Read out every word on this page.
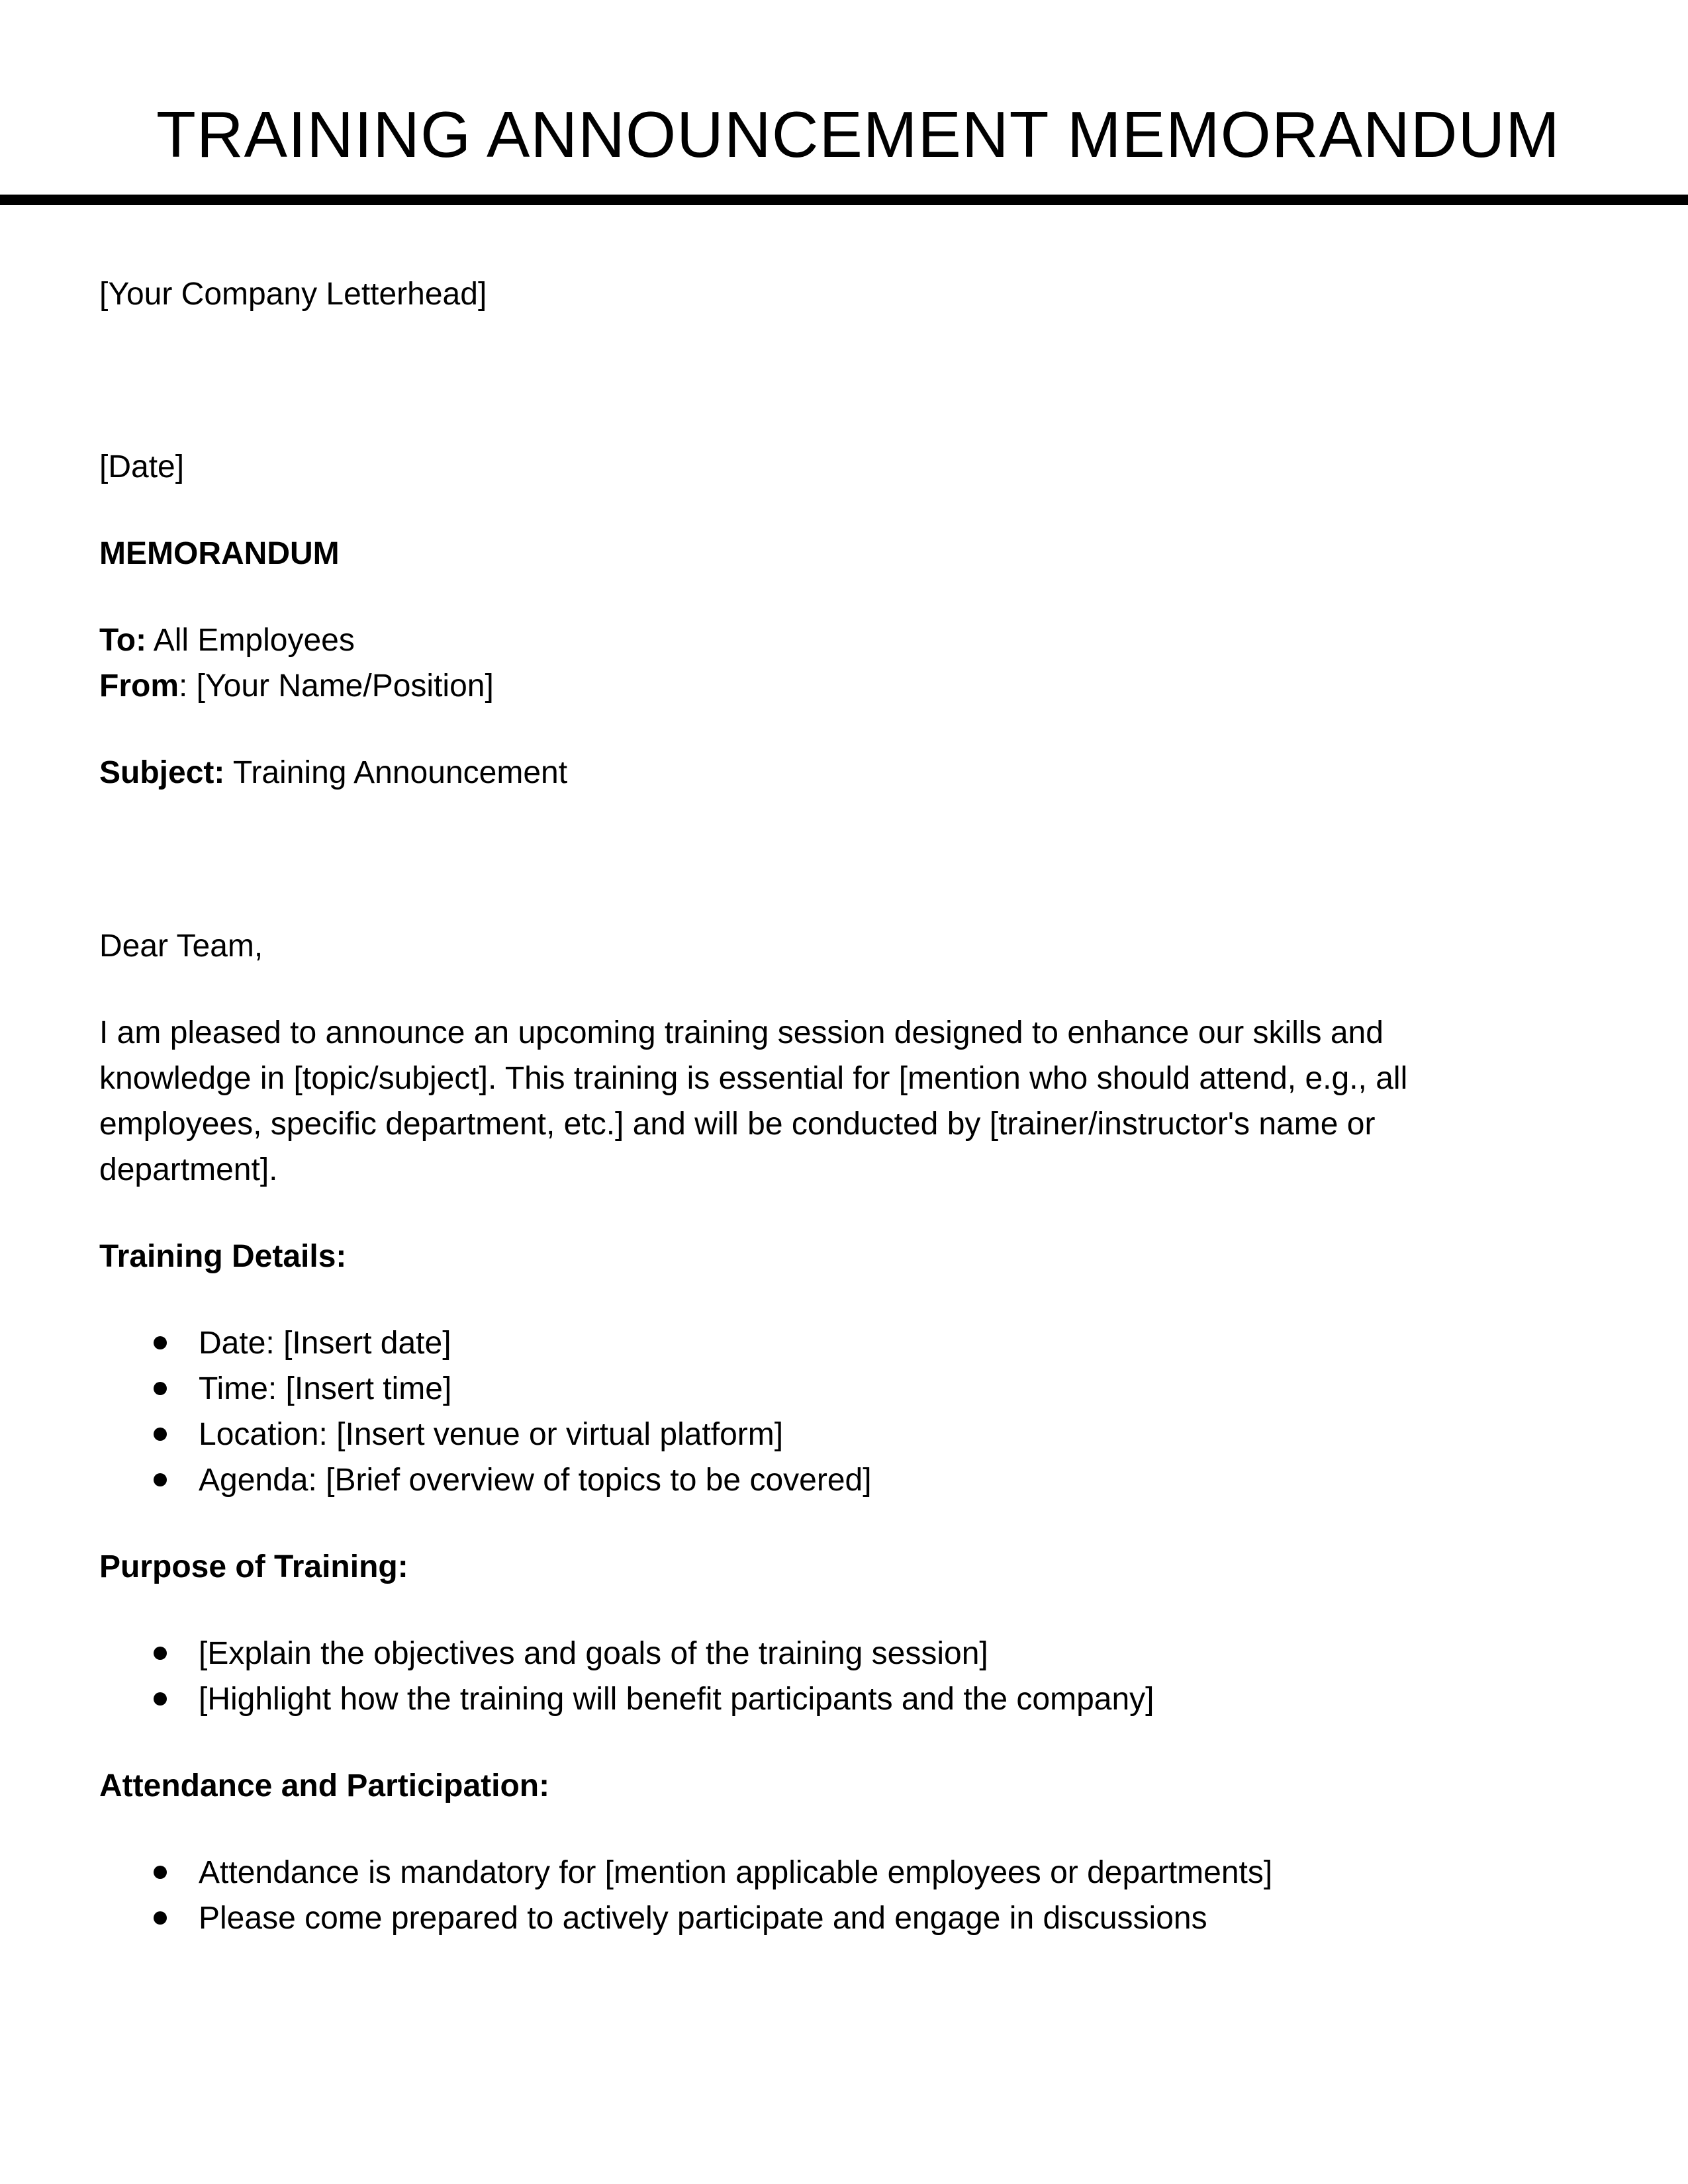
TRAINING ANNOUNCEMENT MEMORANDUM

[Your Company Letterhead]

[Date]

MEMORANDUM

To: All Employees

From: [Your Name/Position]

Subject: Training Announcement

Dear Team,

I am pleased to announce an upcoming training session designed to enhance our skills and knowledge in [topic/subject]. This training is essential for [mention who should attend, e.g., all employees, specific department, etc.] and will be conducted by [trainer/instructor's name or department].

Training Details:

Date: [Insert date]
Time: [Insert time]
Location: [Insert venue or virtual platform]
Agenda: [Brief overview of topics to be covered]

Purpose of Training:

[Explain the objectives and goals of the training session]
[Highlight how the training will benefit participants and the company]

Attendance and Participation:

Attendance is mandatory for [mention applicable employees or departments]
Please come prepared to actively participate and engage in discussions
